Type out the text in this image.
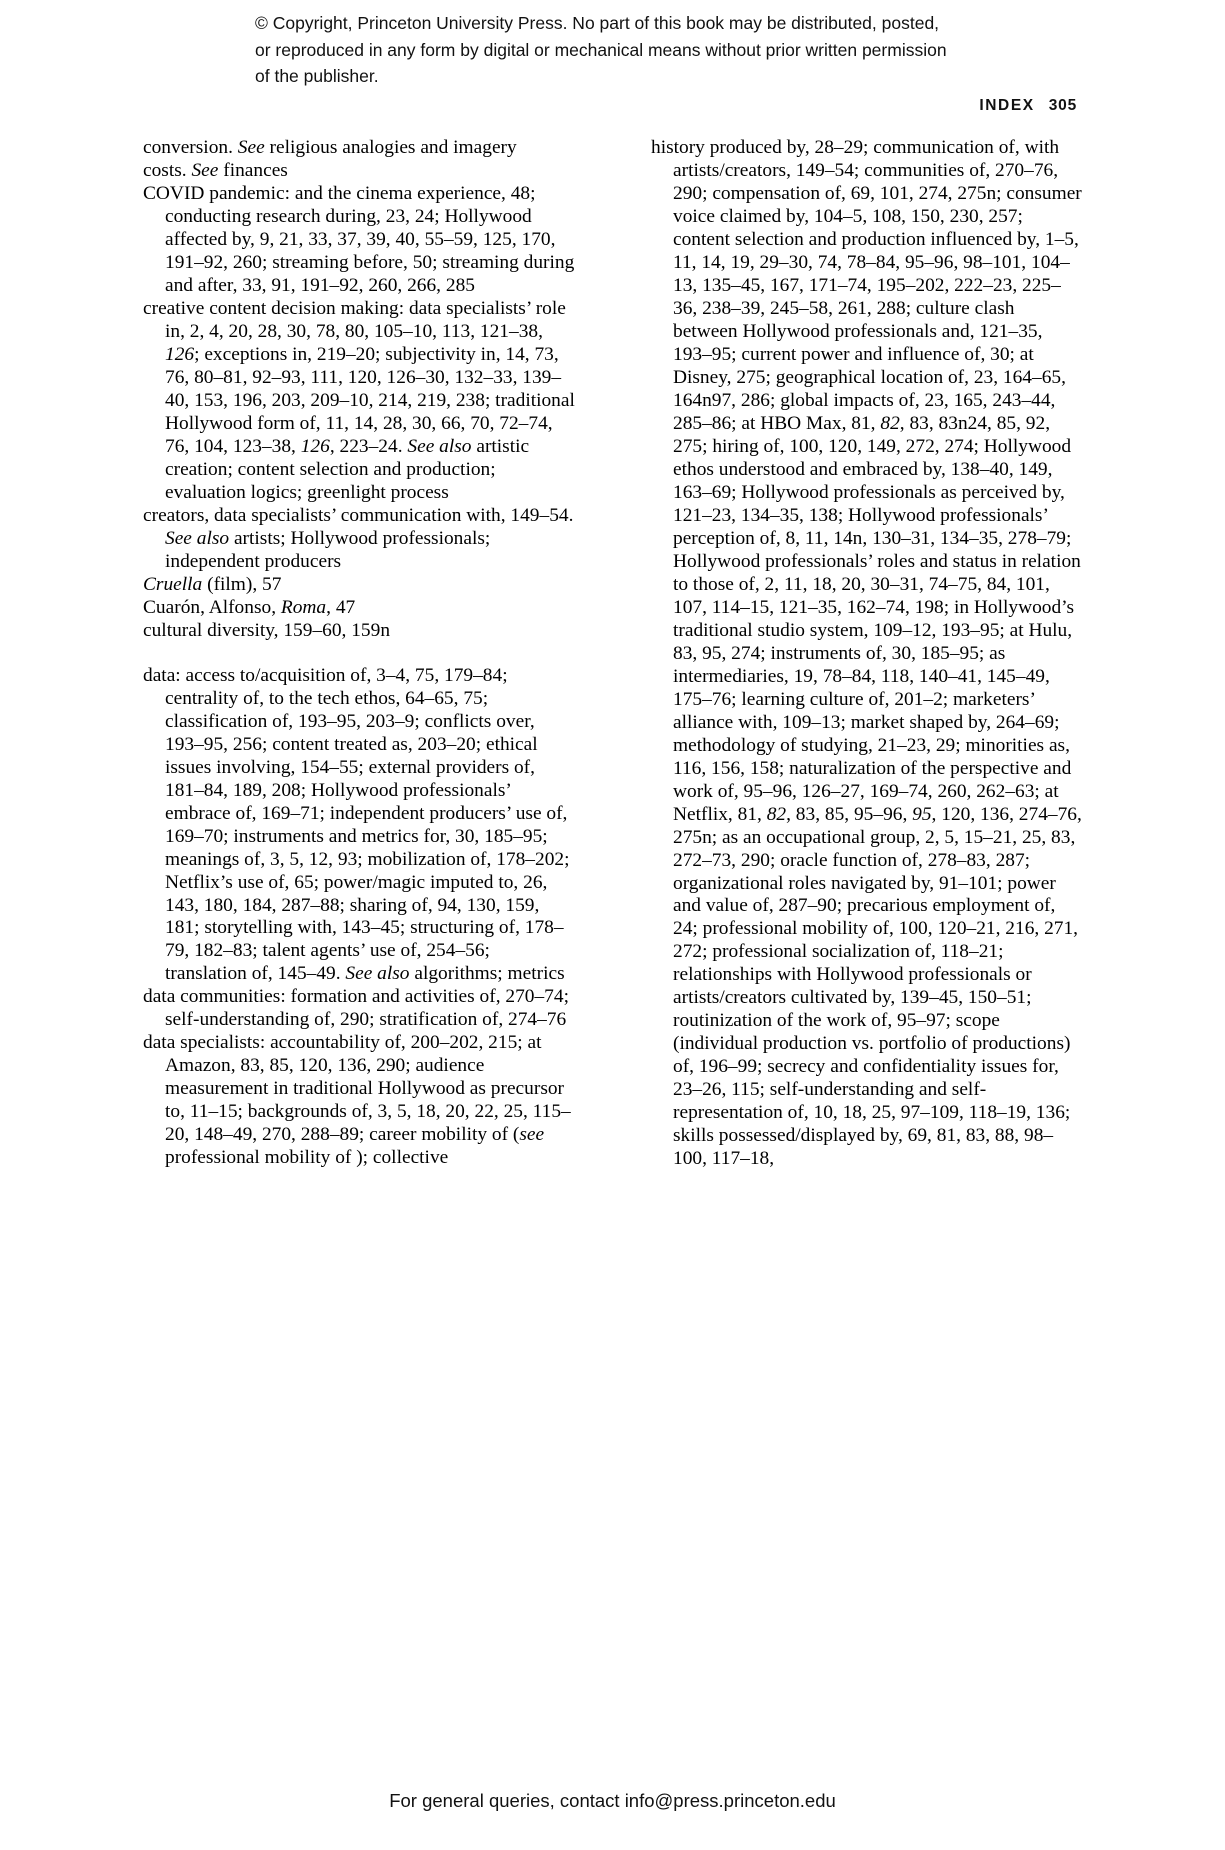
© Copyright, Princeton University Press. No part of this book may be distributed, posted, or reproduced in any form by digital or mechanical means without prior written permission of the publisher.
INDEX 305

conversion. See religious analogies and imagery

costs. See finances

COVID pandemic: and the cinema experience, 48; conducting research during, 23, 24; Hollywood affected by, 9, 21, 33, 37, 39, 40, 55–59, 125, 170, 191–92, 260; streaming before, 50; streaming during and after, 33, 91, 191–92, 260, 266, 285

creative content decision making: data specialists’ role in, 2, 4, 20, 28, 30, 78, 80, 105–10, 113, 121–38, 126; exceptions in, 219–20; subjectivity in, 14, 73, 76, 80–81, 92–93, 111, 120, 126–30, 132–33, 139–40, 153, 196, 203, 209–10, 214, 219, 238; traditional Hollywood form of, 11, 14, 28, 30, 66, 70, 72–74, 76, 104, 123–38, 126, 223–24. See also artistic creation; content selection and production; evaluation logics; greenlight process

creators, data specialists’ communication with, 149–54. See also artists; Hollywood professionals; independent producers

Cruella (film), 57

Cuarón, Alfonso, Roma, 47

cultural diversity, 159–60, 159n

data: access to/acquisition of, 3–4, 75, 179–84; centrality of, to the tech ethos, 64–65, 75; classification of, 193–95, 203–9; conflicts over, 193–95, 256; content treated as, 203–20; ethical issues involving, 154–55; external providers of, 181–84, 189, 208; Hollywood professionals’ embrace of, 169–71; independent producers’ use of, 169–70; instruments and metrics for, 30, 185–95; meanings of, 3, 5, 12, 93; mobilization of, 178–202; Netflix’s use of, 65; power/magic imputed to, 26, 143, 180, 184, 287–88; sharing of, 94, 130, 159, 181; storytelling with, 143–45; structuring of, 178–79, 182–83; talent agents’ use of, 254–56; translation of, 145–49. See also algorithms; metrics

data communities: formation and activities of, 270–74; self-understanding of, 290; stratification of, 274–76

data specialists: accountability of, 200–202, 215; at Amazon, 83, 85, 120, 136, 290; audience measurement in traditional Hollywood as precursor to, 11–15; backgrounds of, 3, 5, 18, 20, 22, 25, 115–20, 148–49, 270, 288–89; career mobility of (see professional mobility of ); collective

history produced by, 28–29; communication of, with artists/creators, 149–54; communities of, 270–76, 290; compensation of, 69, 101, 274, 275n; consumer voice claimed by, 104–5, 108, 150, 230, 257; content selection and production influenced by, 1–5, 11, 14, 19, 29–30, 74, 78–84, 95–96, 98–101, 104–13, 135–45, 167, 171–74, 195–202, 222–23, 225–36, 238–39, 245–58, 261, 288; culture clash between Hollywood professionals and, 121–35, 193–95; current power and influence of, 30; at Disney, 275; geographical location of, 23, 164–65, 164n97, 286; global impacts of, 23, 165, 243–44, 285–86; at HBO Max, 81, 82, 83, 83n24, 85, 92, 275; hiring of, 100, 120, 149, 272, 274; Hollywood ethos understood and embraced by, 138–40, 149, 163–69; Hollywood professionals as perceived by, 121–23, 134–35, 138; Hollywood professionals’ perception of, 8, 11, 14n, 130–31, 134–35, 278–79; Hollywood professionals’ roles and status in relation to those of, 2, 11, 18, 20, 30–31, 74–75, 84, 101, 107, 114–15, 121–35, 162–74, 198; in Hollywood’s traditional studio system, 109–12, 193–95; at Hulu, 83, 95, 274; instruments of, 30, 185–95; as intermediaries, 19, 78–84, 118, 140–41, 145–49, 175–76; learning culture of, 201–2; marketers’ alliance with, 109–13; market shaped by, 264–69; methodology of studying, 21–23, 29; minorities as, 116, 156, 158; naturalization of the perspective and work of, 95–96, 126–27, 169–74, 260, 262–63; at Netflix, 81, 82, 83, 85, 95–96, 95, 120, 136, 274–76, 275n; as an occupational group, 2, 5, 15–21, 25, 83, 272–73, 290; oracle function of, 278–83, 287; organizational roles navigated by, 91–101; power and value of, 287–90; precarious employment of, 24; professional mobility of, 100, 120–21, 216, 271, 272; professional socialization of, 118–21; relationships with Hollywood professionals or artists/creators cultivated by, 139–45, 150–51; routinization of the work of, 95–97; scope (individual production vs. portfolio of productions) of, 196–99; secrecy and confidentiality issues for, 23–26, 115; self-understanding and self-representation of, 10, 18, 25, 97–109, 118–19, 136; skills possessed/displayed by, 69, 81, 83, 88, 98–100, 117–18,

For general queries, contact info@press.princeton.edu
